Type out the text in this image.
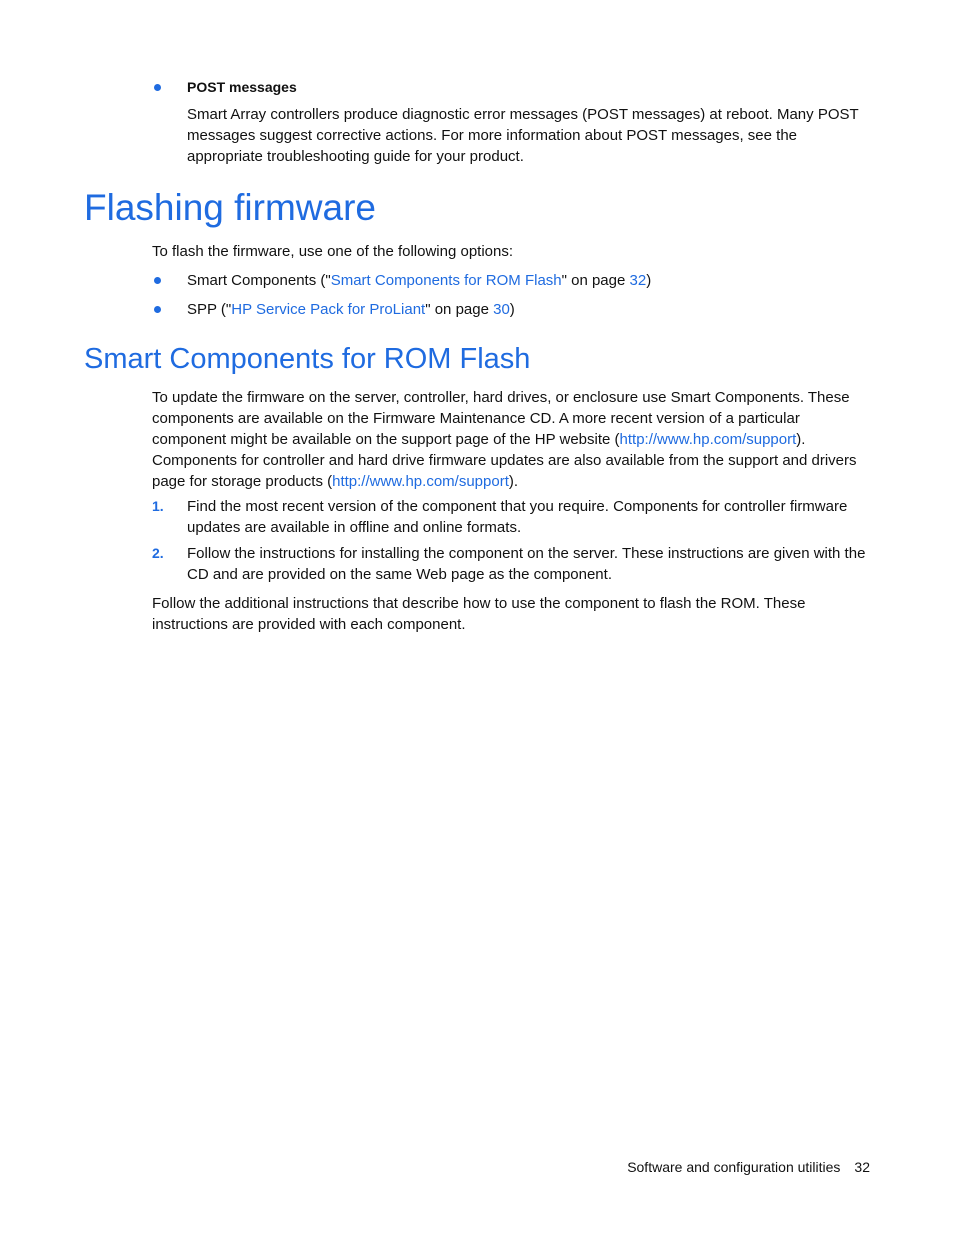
POST messages
Smart Array controllers produce diagnostic error messages (POST messages) at reboot. Many POST messages suggest corrective actions. For more information about POST messages, see the appropriate troubleshooting guide for your product.
Flashing firmware

To flash the firmware, use one of the following options:

Smart Components ("Smart Components for ROM Flash" on page 32)
SPP ("HP Service Pack for ProLiant" on page 30)
Smart Components for ROM Flash

To update the firmware on the server, controller, hard drives, or enclosure use Smart Components. These components are available on the Firmware Maintenance CD. A more recent version of a particular component might be available on the support page of the HP website (http://www.hp.com/support). Components for controller and hard drive firmware updates are also available from the support and drivers page for storage products (http://www.hp.com/support).

1. Find the most recent version of the component that you require. Components for controller firmware updates are available in offline and online formats.
2. Follow the instructions for installing the component on the server. These instructions are given with the CD and are provided on the same Web page as the component.

Follow the additional instructions that describe how to use the component to flash the ROM. These instructions are provided with each component.

Software and configuration utilities 32
